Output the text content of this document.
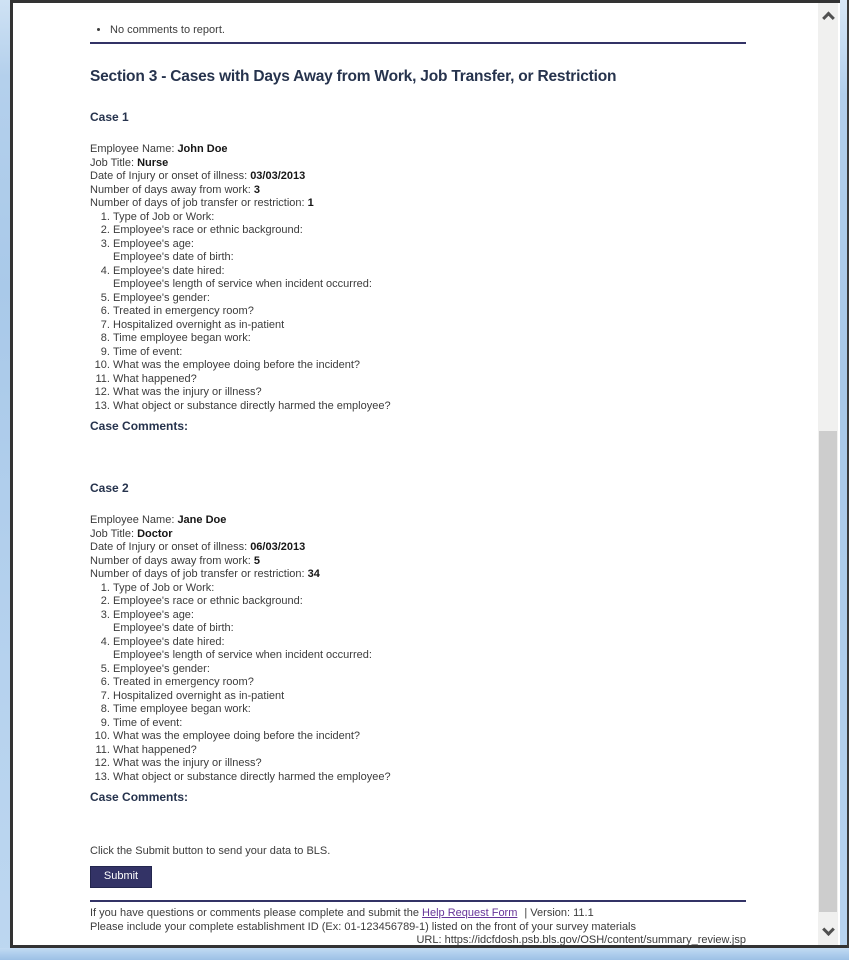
• No comments to report.
Section 3 - Cases with Days Away from Work, Job Transfer, or Restriction
Case 1
Employee Name: John Doe
Job Title: Nurse
Date of Injury or onset of illness: 03/03/2013
Number of days away from work: 3
Number of days of job transfer or restriction: 1
1. Type of Job or Work:
2. Employee's race or ethnic background:
3. Employee's age:
Employee's date of birth:
4. Employee's date hired:
Employee's length of service when incident occurred:
5. Employee's gender:
6. Treated in emergency room?
7. Hospitalized overnight as in-patient
8. Time employee began work:
9. Time of event:
10. What was the employee doing before the incident?
11. What happened?
12. What was the injury or illness?
13. What object or substance directly harmed the employee?
Case Comments:
Case 2
Employee Name: Jane Doe
Job Title: Doctor
Date of Injury or onset of illness: 06/03/2013
Number of days away from work: 5
Number of days of job transfer or restriction: 34
1. Type of Job or Work:
2. Employee's race or ethnic background:
3. Employee's age:
Employee's date of birth:
4. Employee's date hired:
Employee's length of service when incident occurred:
5. Employee's gender:
6. Treated in emergency room?
7. Hospitalized overnight as in-patient
8. Time employee began work:
9. Time of event:
10. What was the employee doing before the incident?
11. What happened?
12. What was the injury or illness?
13. What object or substance directly harmed the employee?
Case Comments:
Click the Submit button to send your data to BLS.
Submit
If you have questions or comments please complete and submit the Help Request Form | Version: 11.1
Please include your complete establishment ID (Ex: 01-123456789-1) listed on the front of your survey materials
URL: https://idcfdosh.psb.bls.gov/OSH/content/summary_review.jsp
